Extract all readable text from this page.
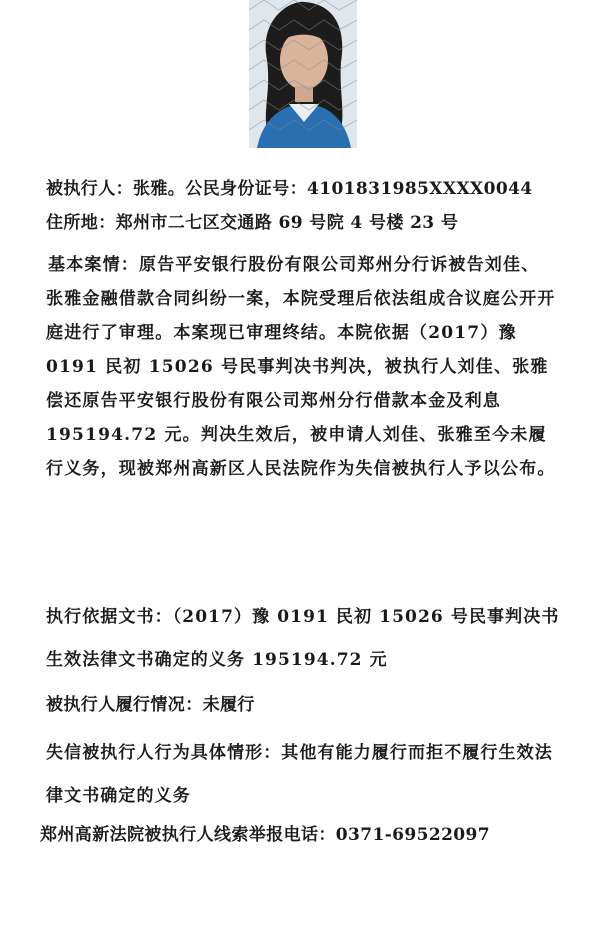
被执行人：张雅。公民身份证号：4101831985XXXX0044
住所地：郑州市二七区交通路 69 号院 4 号楼 23 号
基本案情：原告平安银行股份有限公司郑州分行诉被告刘佳、张雅金融借款合同纠纷一案，本院受理后依法组成合议庭公开开庭进行了审理。本案现已审理终结。本院依据（2017）豫 0191 民初 15026 号民事判决书判决，被执行人刘佳、张雅偿还原告平安银行股份有限公司郑州分行借款本金及利息 195194.72 元。判决生效后，被申请人刘佳、张雅至今未履行义务，现被郑州高新区人民法院作为失信被执行人予以公布。
执行依据文书：（2017）豫 0191 民初 15026 号民事判决书生效法律文书确定的义务 195194.72 元
被执行人履行情况：未履行
失信被执行人行为具体情形：其他有能力履行而拒不履行生效法律文书确定的义务
郑州高新法院被执行人线索举报电话：0371-69522097
